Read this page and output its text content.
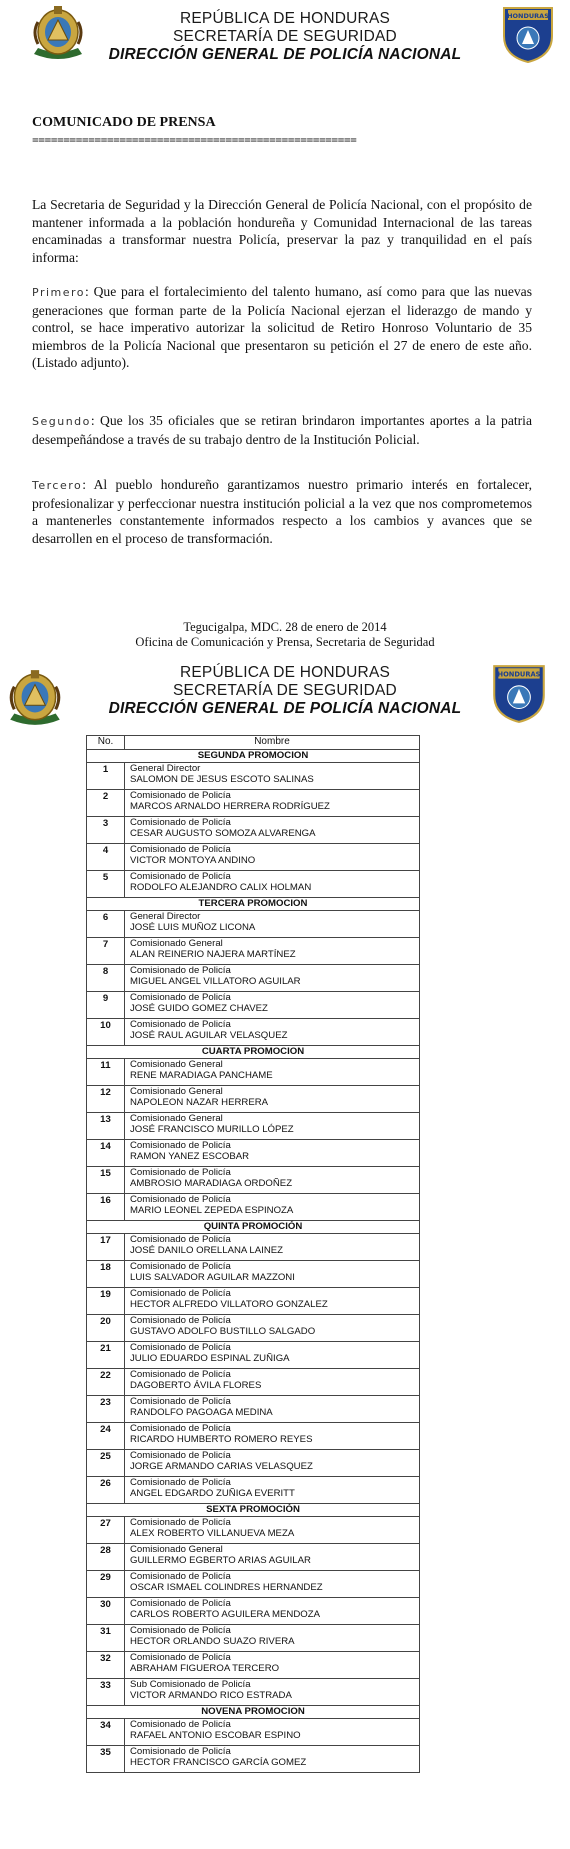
REPÚBLICA DE HONDURAS
SECRETARÍA DE SEGURIDAD
DIRECCIÓN GENERAL DE POLICÍA NACIONAL
HONDURAS
COMUNICADO DE PRENSA
====================================================

La Secretaria de Seguridad y la Dirección General de Policía Nacional, con el propósito de mantener informada a la población hondureña y Comunidad Internacional de las tareas encaminadas a transformar nuestra Policía, preservar la paz y tranquilidad en el país informa:

Primero: Que para el fortalecimiento del talento humano, así como para que las nuevas generaciones que forman parte de la Policía Nacional ejerzan el liderazgo de mando y control, se hace imperativo autorizar la solicitud de Retiro Honroso Voluntario de 35 miembros de la Policía Nacional que presentaron su petición el 27 de enero de este año. (Listado adjunto).

Segundo: Que los 35 oficiales que se retiran brindaron importantes aportes a la patria desempeñándose a través de su trabajo dentro de la Institución Policial.

Tercero: Al pueblo hondureño garantizamos nuestro primario interés en fortalecer, profesionalizar y perfeccionar nuestra institución policial a la vez que nos comprometemos a mantenerles constantemente informados respecto a los cambios y avances que se desarrollen en el proceso de transformación.

Tegucigalpa, MDC. 28 de enero de 2014
Oficina de Comunicación y Prensa, Secretaria de Seguridad
REPÚBLICA DE HONDURAS
SECRETARÍA DE SEGURIDAD
DIRECCIÓN GENERAL DE POLICÍA NACIONAL
HONDURAS
No.	Nombre
SEGUNDA PROMOCION	
1	General Director
SALOMON DE JESUS ESCOTO SALINAS

2	Comisionado de Policía
MARCOS ARNALDO HERRERA RODRÍGUEZ

3	Comisionado de Policía
CESAR AUGUSTO SOMOZA ALVARENGA

4	Comisionado de Policía
VICTOR MONTOYA ANDINO

5	Comisionado de Policía
RODOLFO ALEJANDRO CALIX HOLMAN

TERCERA PROMOCION	
6	General Director
JOSÉ LUIS MUÑOZ LICONA

7	Comisionado General
ALAN REINERIO NAJERA MARTÍNEZ

8	Comisionado de Policía
MIGUEL ANGEL VILLATORO AGUILAR

9	Comisionado de Policía
JOSÉ GUIDO GOMEZ CHAVEZ

10	Comisionado de Policía
JOSÉ RAUL AGUILAR VELASQUEZ

CUARTA PROMOCION	
11	Comisionado General
RENE MARADIAGA PANCHAME

12	Comisionado General
NAPOLEON NAZAR HERRERA

13	Comisionado General
JOSÉ FRANCISCO MURILLO LÓPEZ

14	Comisionado de Policía
RAMON YANEZ ESCOBAR

15	Comisionado de Policía
AMBROSIO MARADIAGA ORDOÑEZ

16	Comisionado de Policía
MARIO LEONEL ZEPEDA ESPINOZA

QUINTA PROMOCIÓN	
17	Comisionado de Policía
JOSÉ DANILO ORELLANA LAINEZ

18	Comisionado de Policía
LUIS SALVADOR AGUILAR MAZZONI

19	Comisionado de Policía
HECTOR ALFREDO VILLATORO GONZALEZ

20	Comisionado de Policía
GUSTAVO ADOLFO BUSTILLO SALGADO

21	Comisionado de Policía
JULIO EDUARDO ESPINAL ZUÑIGA

22	Comisionado de Policía
DAGOBERTO ÁVILA FLORES

23	Comisionado de Policía
RANDOLFO PAGOAGA MEDINA

24	Comisionado de Policía
RICARDO HUMBERTO ROMERO REYES

25	Comisionado de Policía
JORGE ARMANDO CARIAS VELASQUEZ

26	Comisionado de Policía
ANGEL EDGARDO ZUÑIGA EVERITT

SEXTA PROMOCIÓN	
27	Comisionado de Policía
ALEX ROBERTO VILLANUEVA MEZA

28	Comisionado General
GUILLERMO EGBERTO ARIAS AGUILAR

29	Comisionado de Policía
OSCAR ISMAEL COLINDRES HERNANDEZ

30	Comisionado de Policía
CARLOS ROBERTO AGUILERA MENDOZA

31	Comisionado de Policía
HECTOR ORLANDO SUAZO RIVERA

32	Comisionado de Policía
ABRAHAM FIGUEROA TERCERO

33	Sub Comisionado de Policía
VICTOR ARMANDO RICO ESTRADA

NOVENA PROMOCION	
34	Comisionado de Policía
RAFAEL ANTONIO ESCOBAR ESPINO

35	Comisionado de Policía
HECTOR FRANCISCO GARCÍA GOMEZ
